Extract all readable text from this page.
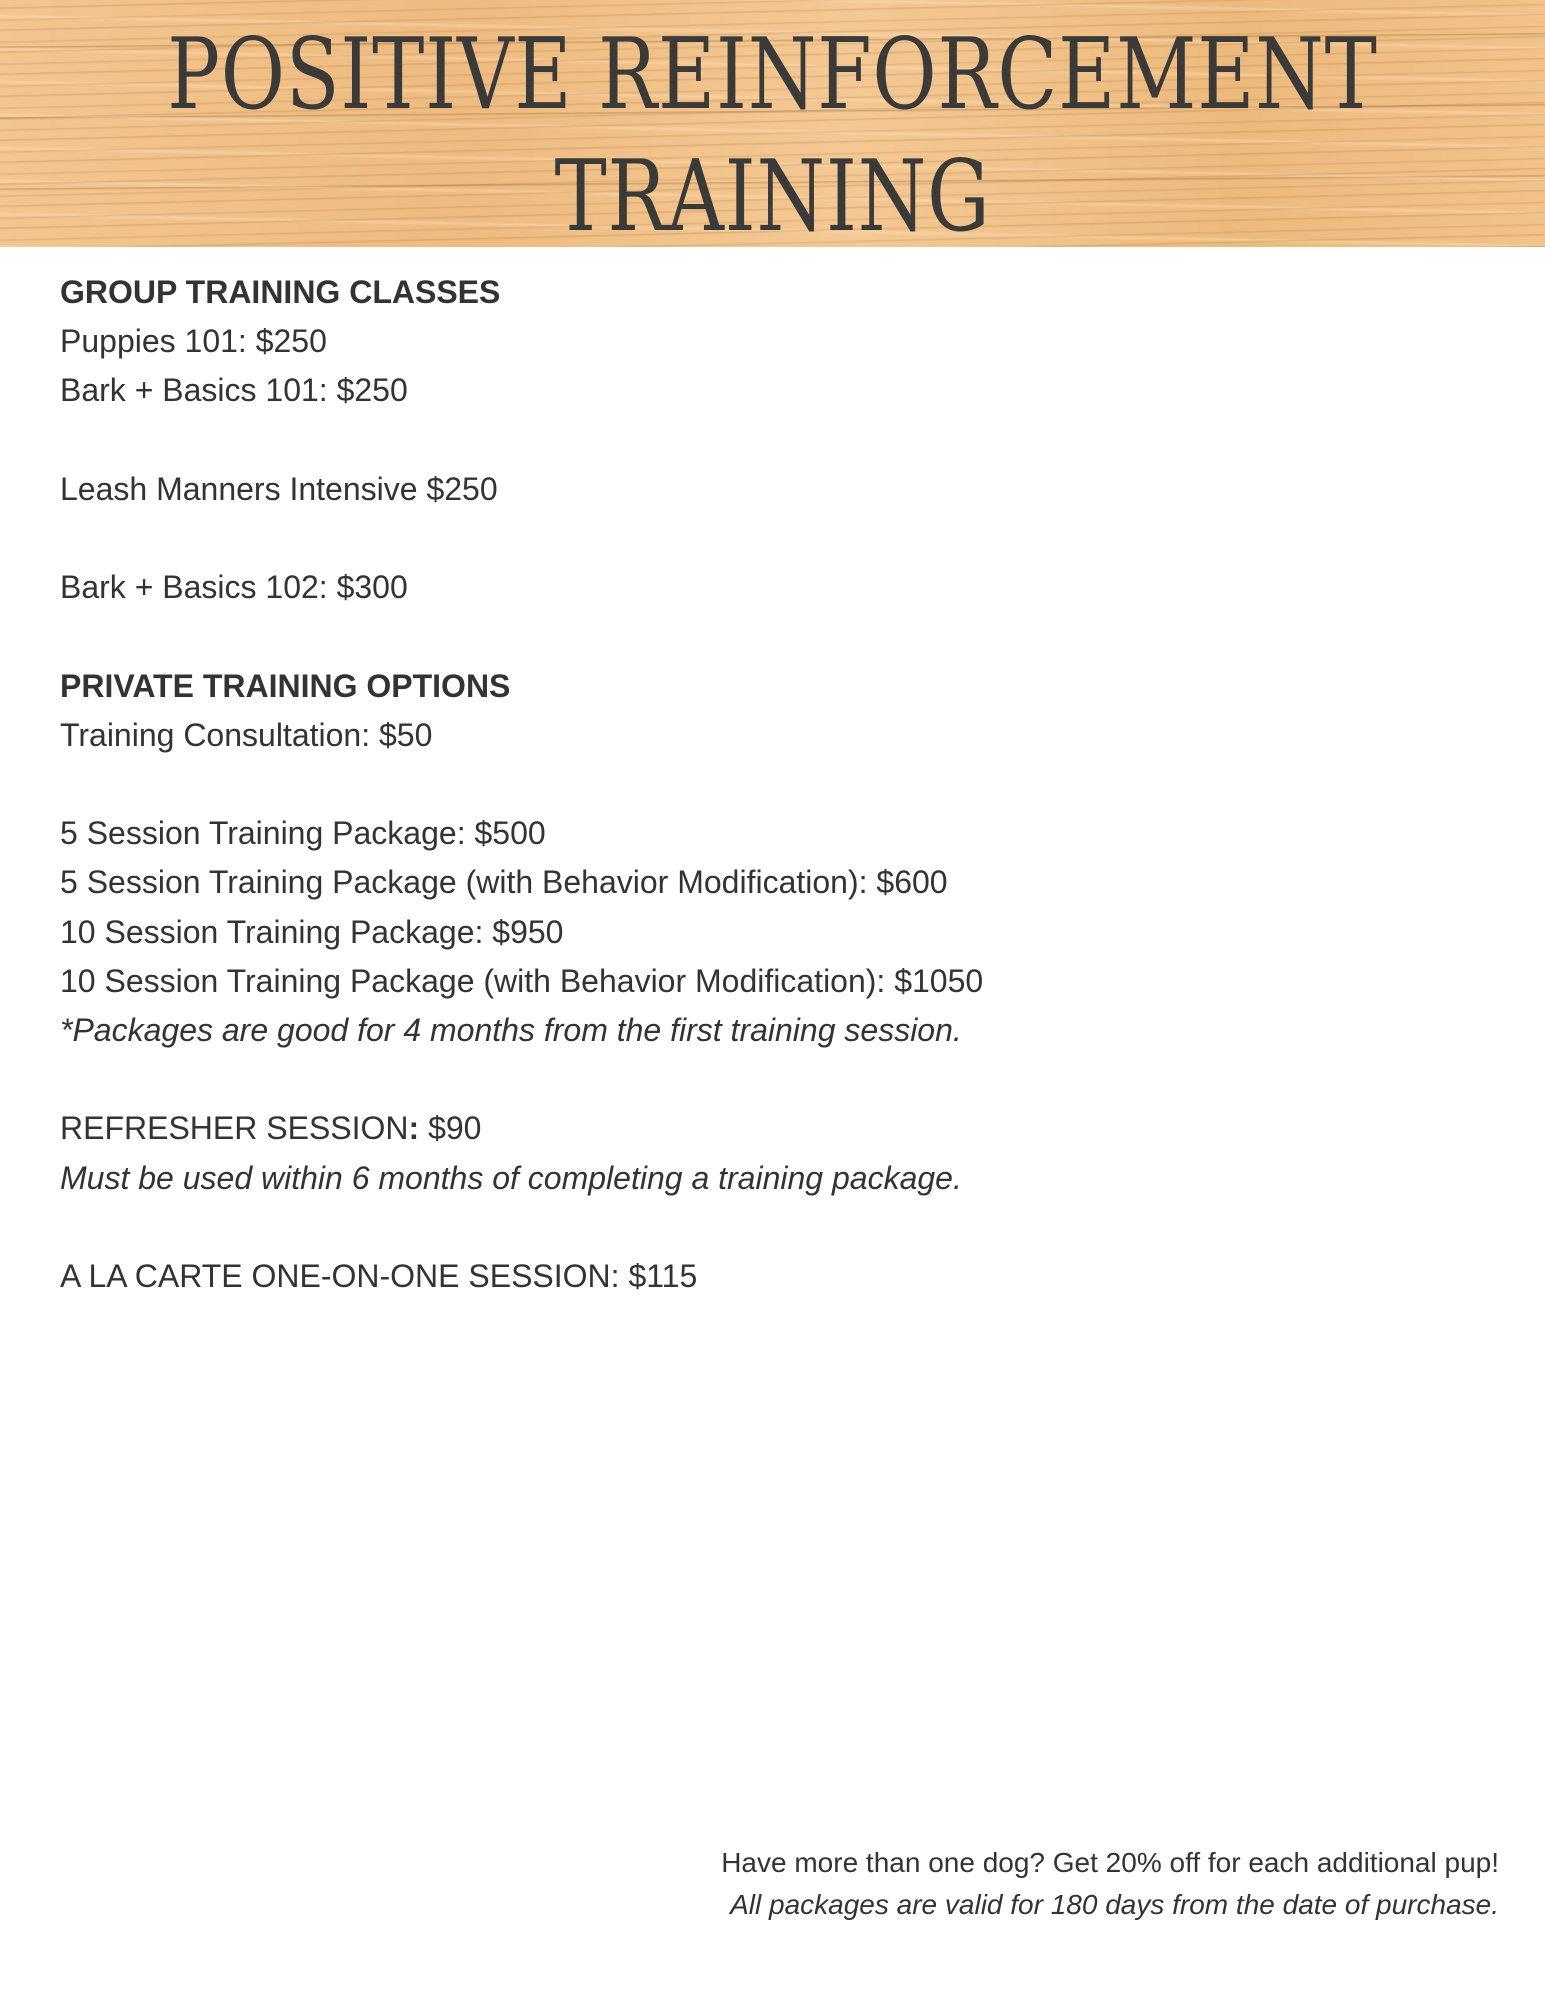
POSITIVE REINFORCEMENT
TRAINING
GROUP TRAINING CLASSES
Puppies 101: $250
Bark + Basics 101: $250
Leash Manners Intensive $250
Bark + Basics 102: $300
PRIVATE TRAINING OPTIONS
Training Consultation: $50
5 Session Training Package: $500
5 Session Training Package (with Behavior Modification): $600
10 Session Training Package: $950
10 Session Training Package (with Behavior Modification): $1050
*Packages are good for 4 months from the first training session.
REFRESHER SESSION: $90
Must be used within 6 months of completing a training package.
A LA CARTE ONE-ON-ONE SESSION: $115
Have more than one dog? Get 20% off for each additional pup!
All packages are valid for 180 days from the date of purchase.
